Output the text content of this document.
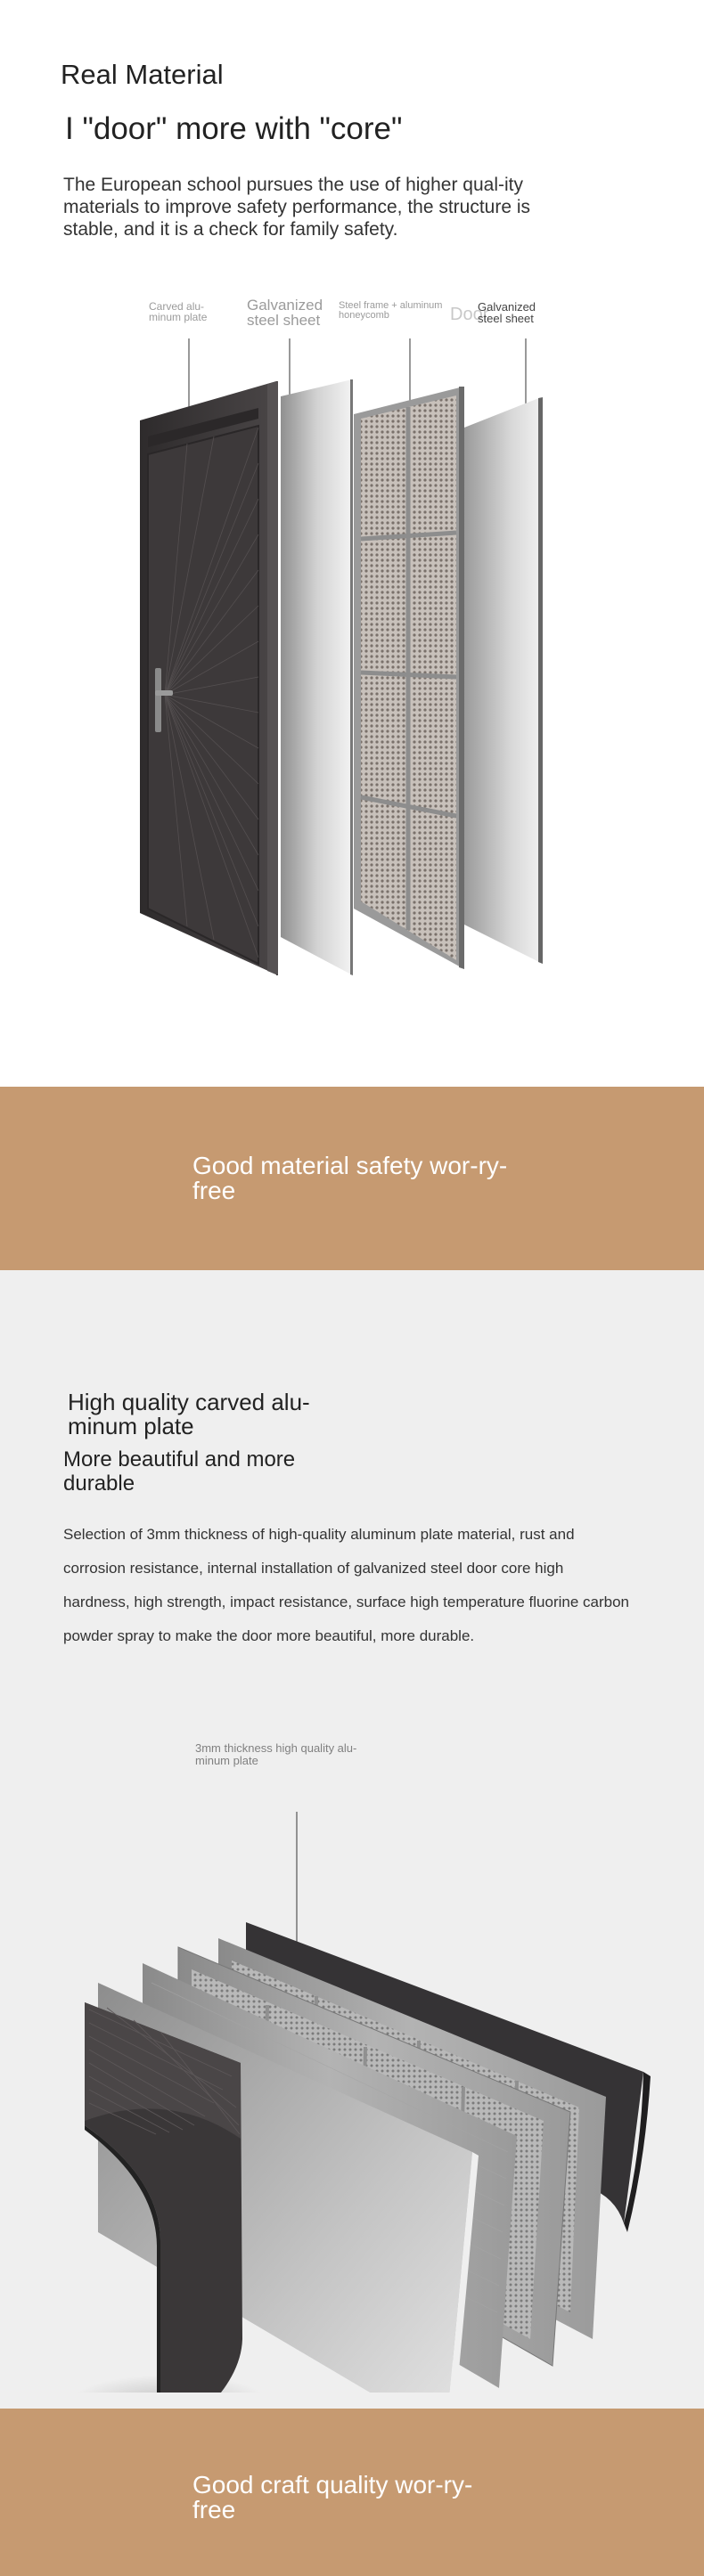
Real Material
I "door" more with "core"
The European school pursues the use of higher qual-ity materials to improve safety performance, the structure is stable, and it is a check for family safety.
Carved alu-minum plate
Galvanized steel sheet
Steel frame + aluminum honeycomb	Door
Galvanized steel sheet
Good material safety wor-ry-free
High quality carved alu-minum plate
More beautiful and more durable
Selection of 3mm thickness of high-quality aluminum plate material, rust and corrosion resistance, internal installation of galvanized steel door core high hardness, high strength, impact resistance, surface high temperature fluorine carbon powder spray to make the door more beautiful, more durable.
3mm thickness high quality alu-minum plate
Good craft quality wor-ry-free
